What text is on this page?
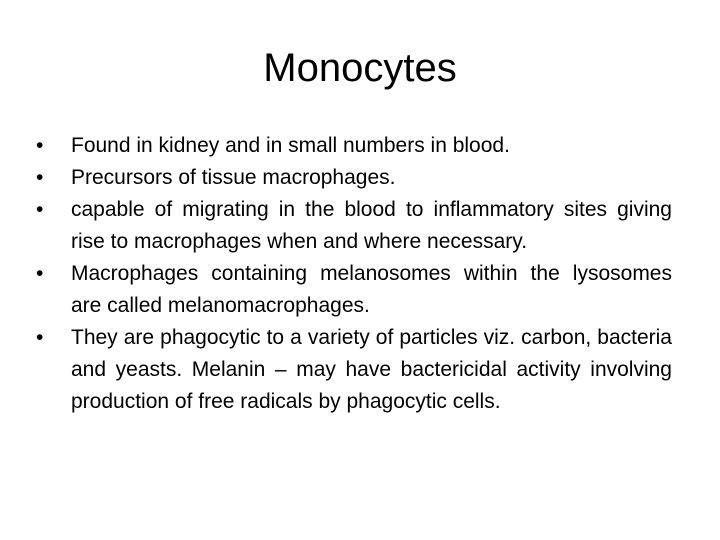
Monocytes
•	Found in kidney and in small numbers in blood.
•	Precursors of tissue macrophages.
•	capable of migrating in the blood to inflammatory sites giving rise to macrophages when and where necessary.
•	Macrophages containing melanosomes within the lysosomes are called melanomacrophages.
•	They are phagocytic to a variety of particles viz. carbon, bacteria and yeasts. Melanin – may have bactericidal activity involving production of free radicals by phagocytic cells.
